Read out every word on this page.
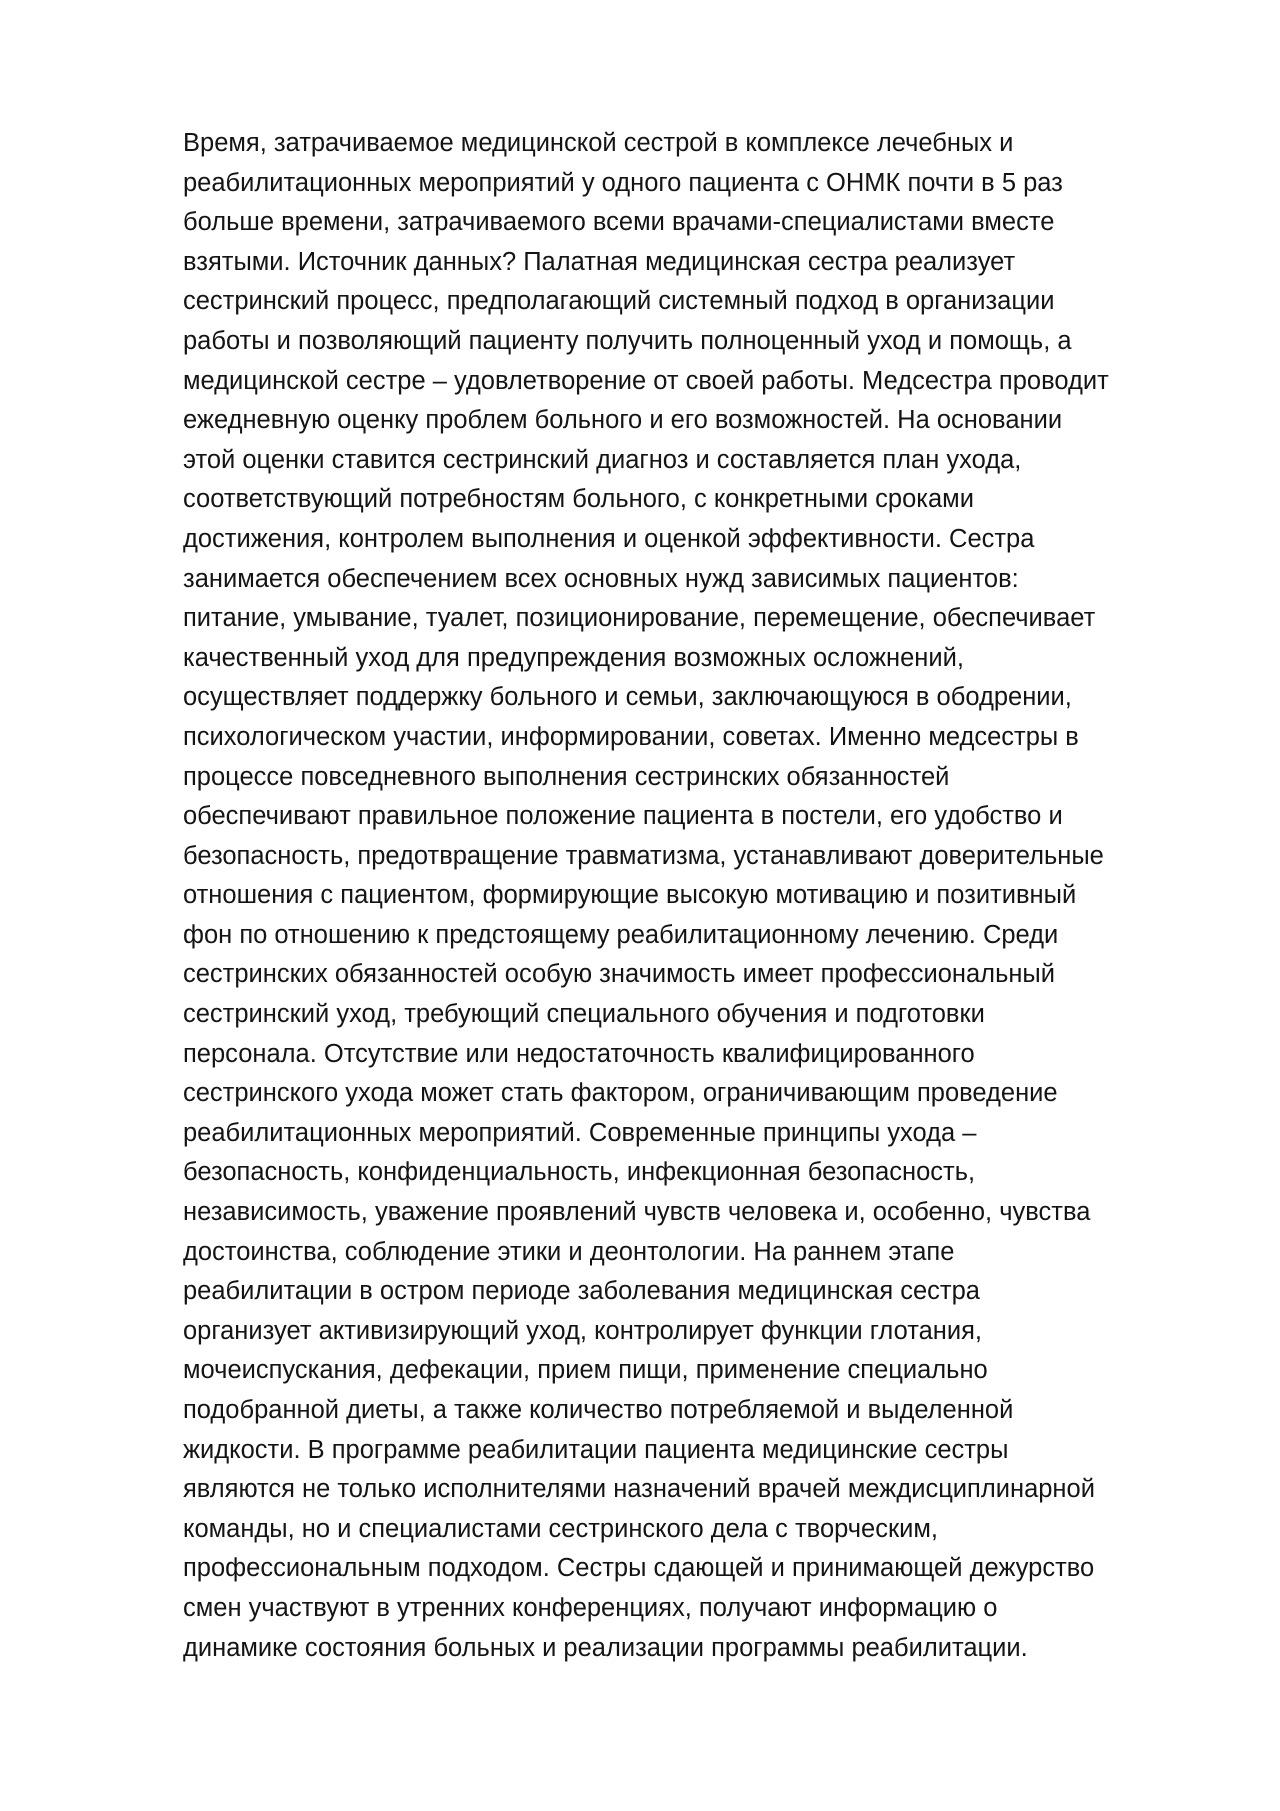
Время, затрачиваемое медицинской сестрой в комплексе лечебных и
реабилитационных мероприятий у одного пациента с ОНМК почти в 5 раз
больше времени, затрачиваемого всеми врачами-специалистами вместе
взятыми. Источник данных? Палатная медицинская сестра реализует
сестринский процесс, предполагающий системный подход в организации
работы и позволяющий пациенту получить полноценный уход и помощь, а
медицинской сестре – удовлетворение от своей работы. Медсестра проводит
ежедневную оценку проблем больного и его возможностей. На основании
этой оценки ставится сестринский диагноз и составляется план ухода,
соответствующий потребностям больного, с конкретными сроками
достижения, контролем выполнения и оценкой эффективности. Сестра
занимается обеспечением всех основных нужд зависимых пациентов:
питание, умывание, туалет, позиционирование, перемещение, обеспечивает
качественный уход для предупреждения возможных осложнений,
осуществляет поддержку больного и семьи, заключающуюся в ободрении,
психологическом участии, информировании, советах. Именно медсестры в
процессе повседневного выполнения сестринских обязанностей
обеспечивают правильное положение пациента в постели, его удобство и
безопасность, предотвращение травматизма, устанавливают доверительные
отношения с пациентом, формирующие высокую мотивацию и позитивный
фон по отношению к предстоящему реабилитационному лечению. Среди
сестринских обязанностей особую значимость имеет профессиональный
сестринский уход, требующий специального обучения и подготовки
персонала. Отсутствие или недостаточность квалифицированного
сестринского ухода может стать фактором, ограничивающим проведение
реабилитационных мероприятий. Современные принципы ухода –
безопасность, конфиденциальность, инфекционная безопасность,
независимость, уважение проявлений чувств человека и, особенно, чувства
достоинства, соблюдение этики и деонтологии. На раннем этапе
реабилитации в остром периоде заболевания медицинская сестра
организует активизирующий уход, контролирует функции глотания,
мочеиспускания, дефекации, прием пищи, применение специально
подобранной диеты, а также количество потребляемой и выделенной
жидкости. В программе реабилитации пациента медицинские сестры
являются не только исполнителями назначений врачей междисциплинарной
команды, но и специалистами сестринского дела с творческим,
профессиональным подходом. Сестры сдающей и принимающей дежурство
смен участвуют в утренних конференциях, получают информацию о
динамике состояния больных и реализации программы реабилитации.
